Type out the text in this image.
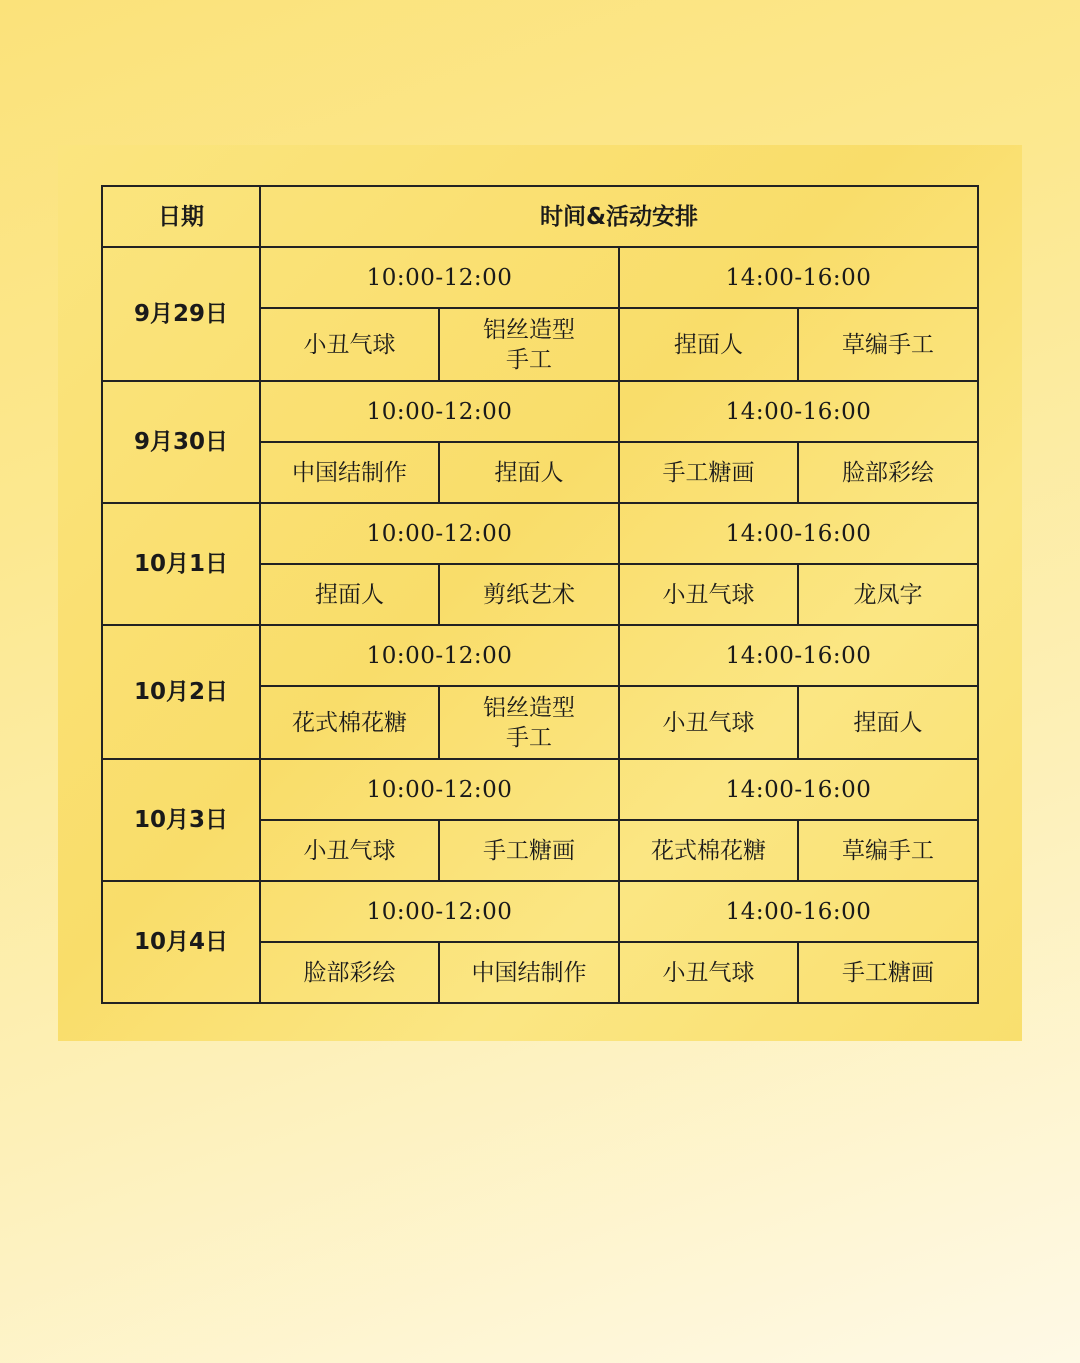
日期	时间&活动安排			
9月29日	10:00-12:00		14:00-16:00	
	小丑气球	铝丝造型
手工	捏面人	草编手工
9月30日	10:00-12:00		14:00-16:00	
	中国结制作	捏面人	手工糖画	脸部彩绘
10月1日	10:00-12:00		14:00-16:00	
	捏面人	剪纸艺术	小丑气球	龙凤字
10月2日	10:00-12:00		14:00-16:00	
	花式棉花糖	铝丝造型
手工	小丑气球	捏面人
10月3日	10:00-12:00		14:00-16:00	
	小丑气球	手工糖画	花式棉花糖	草编手工
10月4日	10:00-12:00		14:00-16:00	
	脸部彩绘	中国结制作	小丑气球	手工糖画
